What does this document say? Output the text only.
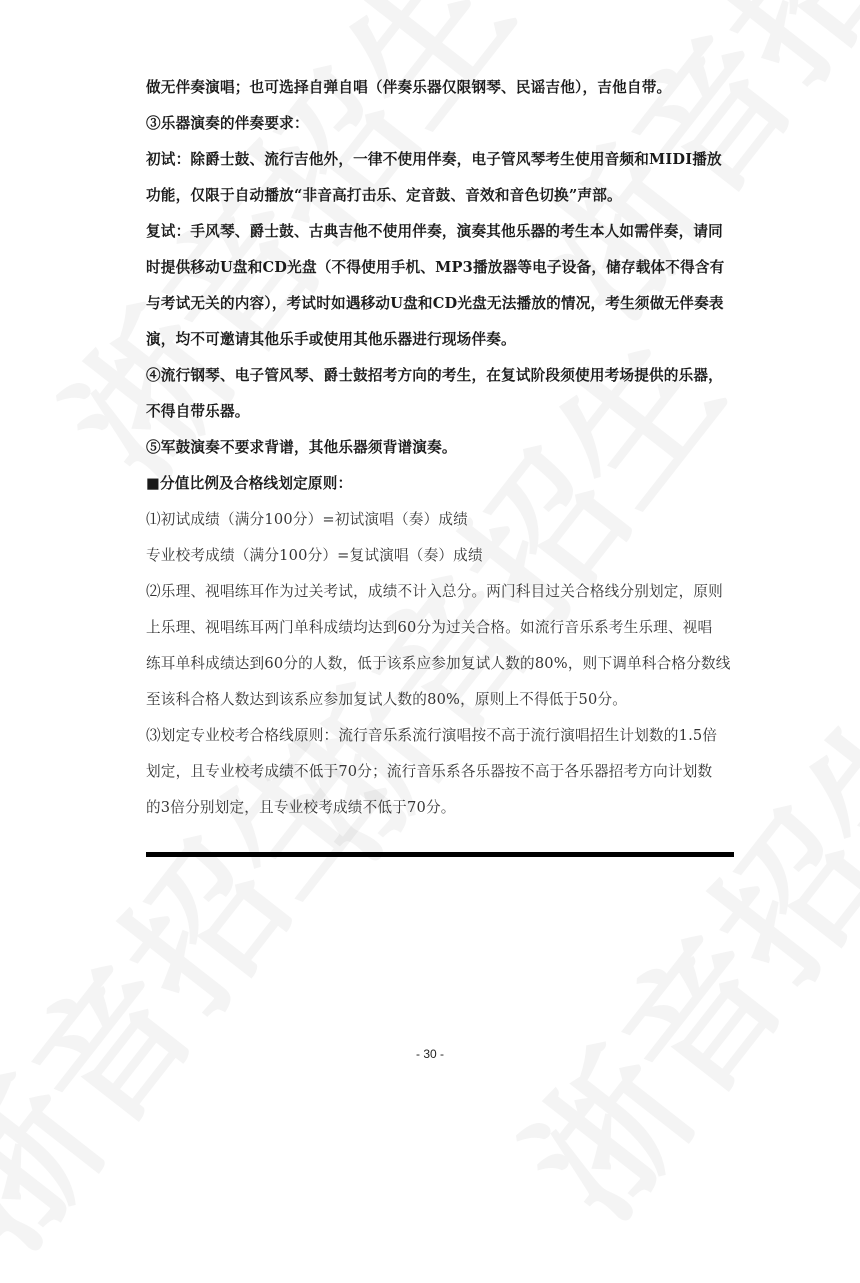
做无伴奏演唱；也可选择自弹自唱（伴奏乐器仅限钢琴、民谣吉他），吉他自带。
③乐器演奏的伴奏要求：
初试：除爵士鼓、流行吉他外，一律不使用伴奏，电子管风琴考生使用音频和MIDI播放
功能，仅限于自动播放“非音高打击乐、定音鼓、音效和音色切换”声部。
复试：手风琴、爵士鼓、古典吉他不使用伴奏，演奏其他乐器的考生本人如需伴奏，请同
时提供移动U盘和CD光盘（不得使用手机、MP3播放器等电子设备，储存载体不得含有
与考试无关的内容），考试时如遇移动U盘和CD光盘无法播放的情况，考生须做无伴奏表
演，均不可邀请其他乐手或使用其他乐器进行现场伴奏。
④流行钢琴、电子管风琴、爵士鼓招考方向的考生，在复试阶段须使用考场提供的乐器，
不得自带乐器。
⑤军鼓演奏不要求背谱，其他乐器须背谱演奏。
■分值比例及合格线划定原则：
⑴初试成绩（满分100分）=初试演唱（奏）成绩
专业校考成绩（满分100分）=复试演唱（奏）成绩
⑵乐理、视唱练耳作为过关考试，成绩不计入总分。两门科目过关合格线分别划定，原则
上乐理、视唱练耳两门单科成绩均达到60分为过关合格。如流行音乐系考生乐理、视唱
练耳单科成绩达到60分的人数，低于该系应参加复试人数的80%，则下调单科合格分数线
至该科合格人数达到该系应参加复试人数的80%，原则上不得低于50分。
⑶划定专业校考合格线原则：流行音乐系流行演唱按不高于流行演唱招生计划数的1.5倍
划定，且专业校考成绩不低于70分；流行音乐系各乐器按不高于各乐器招考方向计划数
的3倍分别划定，且专业校考成绩不低于70分。
- 30 -
